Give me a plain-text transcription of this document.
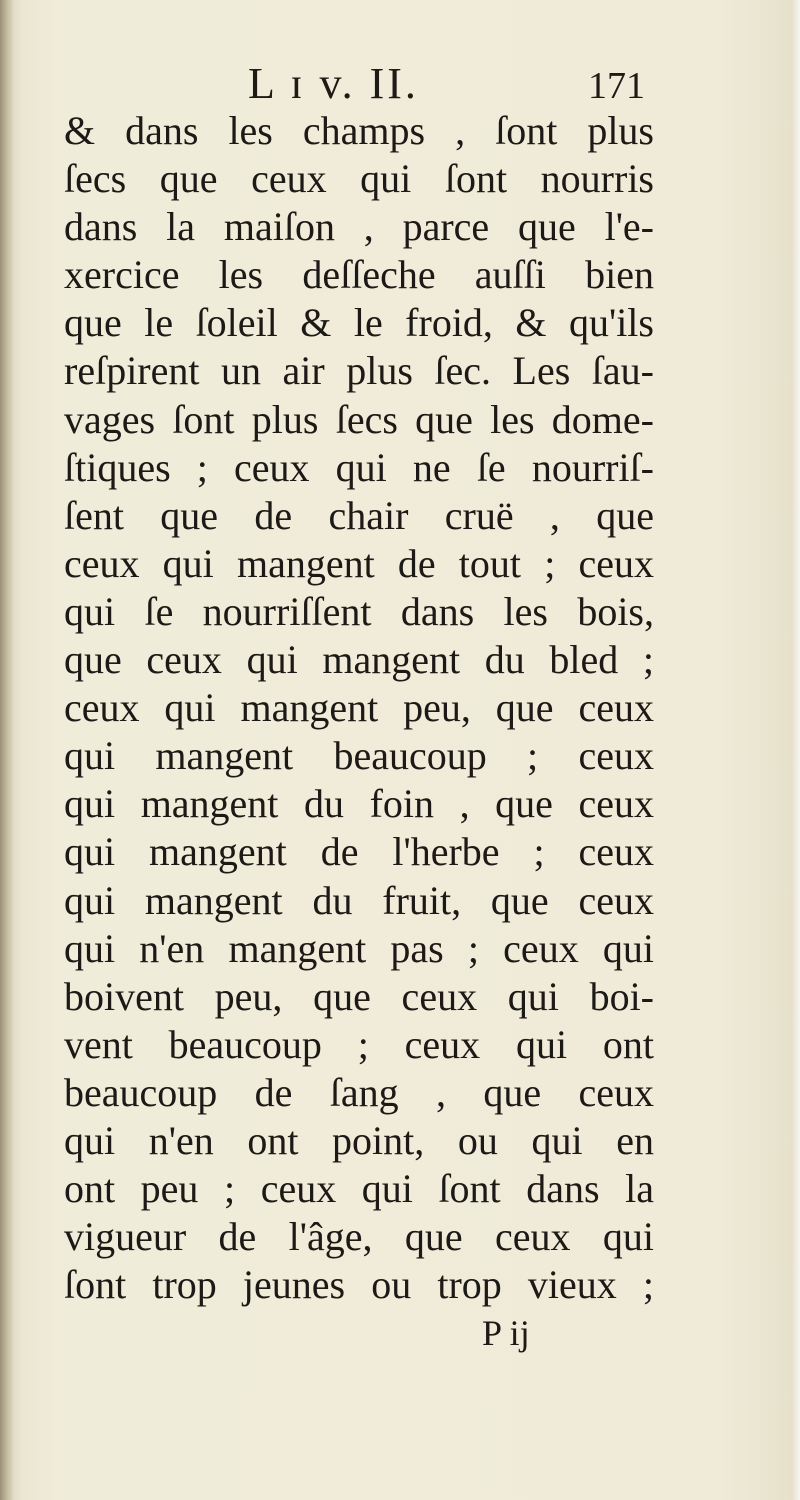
L ɪ v. II.	171
& dans les champs , ſont plus
ſecs que ceux qui ſont nourris
dans la maiſon , parce que l'e-
xercice les deſſeche auſſi bien
que le ſoleil & le froid, & qu'ils
reſpirent un air plus ſec. Les ſau-
vages ſont plus ſecs que les dome-
ſtiques ; ceux qui ne ſe nourriſ-
ſent que de chair cruë , que
ceux qui mangent de tout ; ceux
qui ſe nourriſſent dans les bois,
que ceux qui mangent du bled ;
ceux qui mangent peu, que ceux
qui mangent beaucoup ; ceux
qui mangent du foin , que ceux
qui mangent de l'herbe ; ceux
qui mangent du fruit, que ceux
qui n'en mangent pas ; ceux qui
boivent peu, que ceux qui boi-
vent beaucoup ; ceux qui ont
beaucoup de ſang , que ceux
qui n'en ont point, ou qui en
ont peu ; ceux qui ſont dans la
vigueur de l'âge, que ceux qui
ſont trop jeunes ou trop vieux ;
P ij
